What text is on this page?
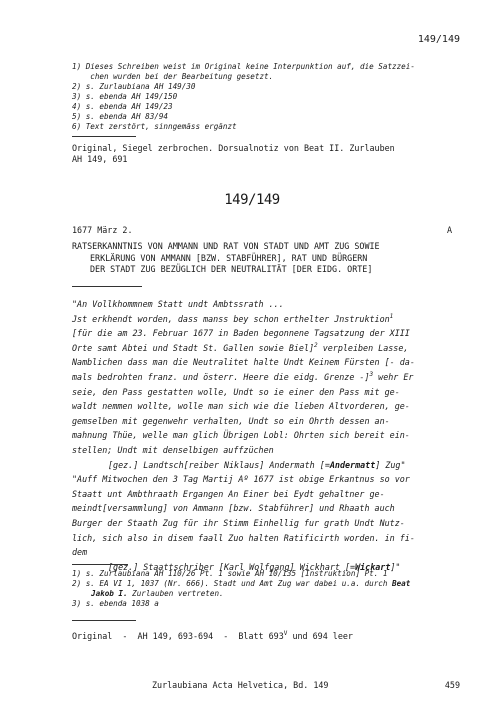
149/149
1) Dieses Schreiben weist im Original keine Interpunktion auf, die Satzzei-
chen wurden bei der Bearbeitung gesetzt.
2) s. Zurlaubiana AH 149/30
3) s. ebenda AH 149/150
4) s. ebenda AH 149/23
5) s. ebenda AH 83/94
6) Text zerstört, sinngemäss ergänzt
Original, Siegel zerbrochen. Dorsualnotiz von Beat II. Zurlauben
AH 149, 691
149/149
1677 März 2.	A
RATSERKANNTNIS VON AMMANN UND RAT VON STADT UND AMT ZUG SOWIE
ERKLÄRUNG VON AMMANN [BZW. STABFÜHRER], RAT UND BÜRGERN
DER STADT ZUG BEZÜGLICH DER NEUTRALITÄT [DER EIDG. ORTE]
"An Vollkhommnem Statt undt Ambtssrath ...
Jst erkhendt worden, dass manss bey schon erthelter Jnstruktion$^1$
[für die am 23. Februar 1677 in Baden begonnene Tagsatzung der XIII
Orte samt Abtei und Stadt St. Gallen sowie Biel]$^2$ verpleiben Lasse,
Namblichen dass man die Neutralitet halte Undt Keinem Fürsten [- da-
mals bedrohten franz. und österr. Heere die eidg. Grenze -]$^3$ wehr Er
seie, den Pass gestatten wolle, Undt so ie einer den Pass mit ge-
waldt nemmen wollte, wolle man sich wie die lieben Altvorderen, ge-
gemselben mit gegenwehr verhalten, Undt so ein Ohrth dessen an-
mahnung Thüe, welle man glich Übrigen Lobl: Ohrten sich bereit ein-
stellen; Undt mit denselbigen auffzüchen
[gez.] Landtsch[reiber Niklaus] Andermath [=Andermatt] Zug"
"Auff Mitwochen den 3 Tag Martij Aº 1677 ist obige Erkantnus so vor
Staatt unt Ambthraath Ergangen An Einer bei Eydt gehaltner ge-
meindt[versammlung] von Ammann [bzw. Stabführer] und Rhaath auch
Burger der Staath Zug für ihr Stimm Einhellig fur grath Undt Nutz-
lich, sich also in disem faall Zuo halten Ratificirth worden. in fi-
dem
[gez.] Staattschriber [Karl Wolfgang] Wickhart [=Wickart]"
1) s. Zurlaubiana AH 110/26 Pt. 1 sowie AH 10/135 [Instruktion] Pt. 1
2) s. EA VI 1, 1037 (Nr. 666). Stadt und Amt Zug war dabei u.a. durch Beat
Jakob I. Zurlauben vertreten.
3) s. ebenda 1038 a
Original  -  AH 149, 693-694  -  Blatt $693^V$ und 694 leer
Zurlaubiana Acta Helvetica, Bd. 149	459
